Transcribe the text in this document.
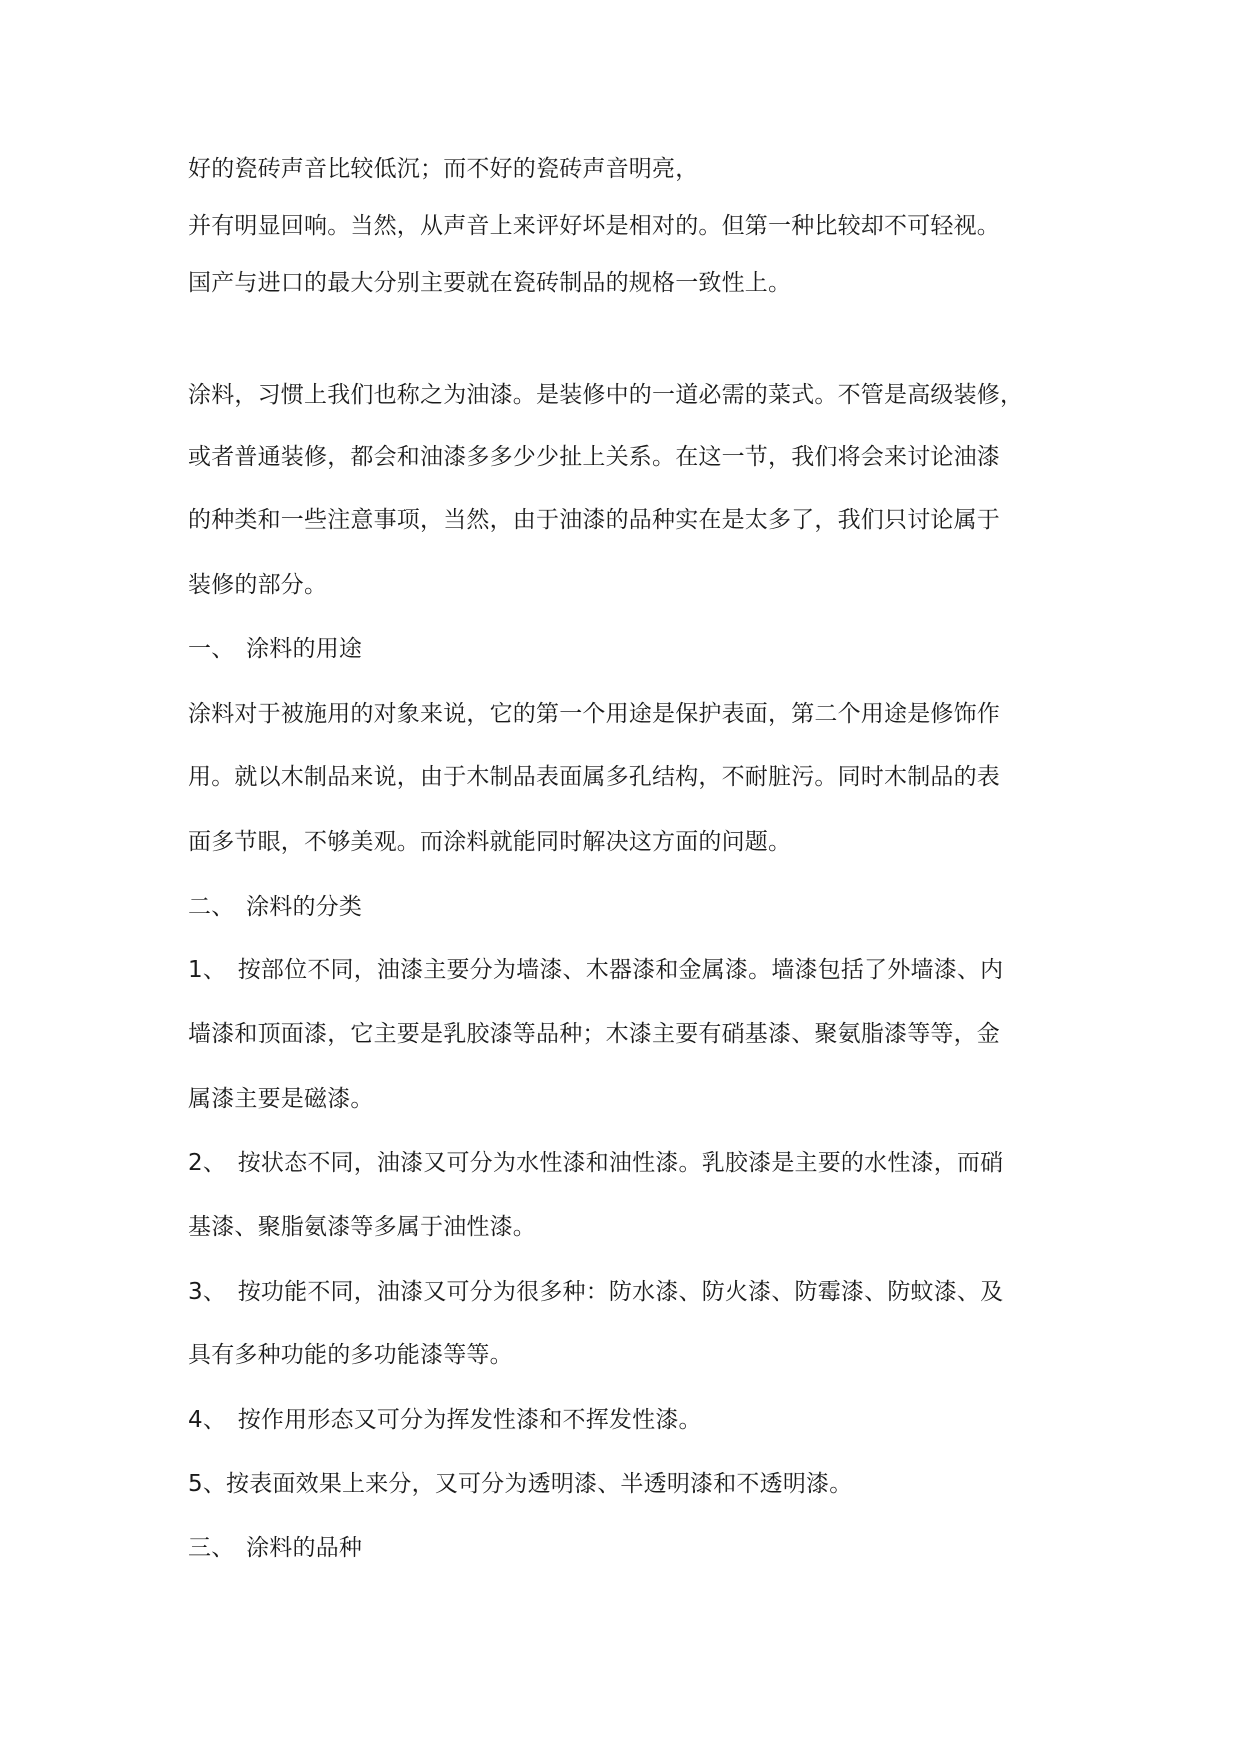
好的瓷砖声音比较低沉；而不好的瓷砖声音明亮，
并有明显回响。当然，从声音上来评好坏是相对的。但第一种比较却不可轻视。
国产与进口的最大分别主要就在瓷砖制品的规格一致性上。
涂料，习惯上我们也称之为油漆。是装修中的一道必需的菜式。不管是高级装修，
或者普通装修，都会和油漆多多少少扯上关系。在这一节，我们将会来讨论油漆
的种类和一些注意事项，当然，由于油漆的品种实在是太多了，我们只讨论属于
装修的部分。
一、　涂料的用途
涂料对于被施用的对象来说，它的第一个用途是保护表面，第二个用途是修饰作
用。就以木制品来说，由于木制品表面属多孔结构，不耐脏污。同时木制品的表
面多节眼，不够美观。而涂料就能同时解决这方面的问题。
二、　涂料的分类
1、　按部位不同，油漆主要分为墙漆、木器漆和金属漆。墙漆包括了外墙漆、内
墙漆和顶面漆，它主要是乳胶漆等品种；木漆主要有硝基漆、聚氨脂漆等等，金
属漆主要是磁漆。
2、　按状态不同，油漆又可分为水性漆和油性漆。乳胶漆是主要的水性漆，而硝
基漆、聚脂氨漆等多属于油性漆。
3、　按功能不同，油漆又可分为很多种：防水漆、防火漆、防霉漆、防蚊漆、及
具有多种功能的多功能漆等等。
4、　按作用形态又可分为挥发性漆和不挥发性漆。
5、按表面效果上来分，又可分为透明漆、半透明漆和不透明漆。
三、　涂料的品种
